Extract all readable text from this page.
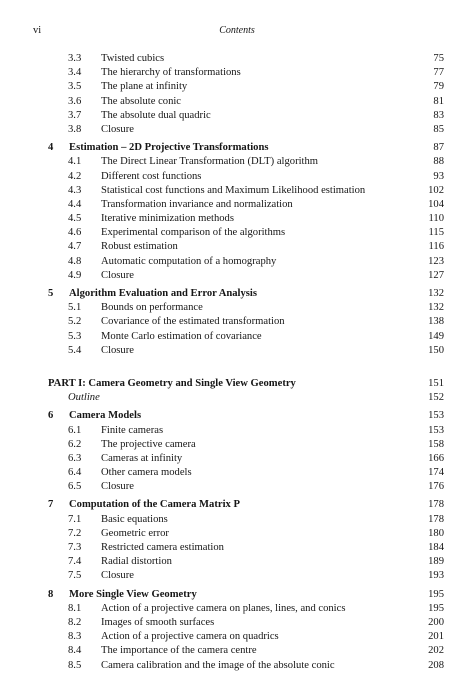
vi	Contents
3.3 Twisted cubics	75
3.4 The hierarchy of transformations	77
3.5 The plane at infinity	79
3.6 The absolute conic	81
3.7 The absolute dual quadric	83
3.8 Closure	85
4 Estimation – 2D Projective Transformations	87
4.1 The Direct Linear Transformation (DLT) algorithm	88
4.2 Different cost functions	93
4.3 Statistical cost functions and Maximum Likelihood estimation	102
4.4 Transformation invariance and normalization	104
4.5 Iterative minimization methods	110
4.6 Experimental comparison of the algorithms	115
4.7 Robust estimation	116
4.8 Automatic computation of a homography	123
4.9 Closure	127
5 Algorithm Evaluation and Error Analysis	132
5.1 Bounds on performance	132
5.2 Covariance of the estimated transformation	138
5.3 Monte Carlo estimation of covariance	149
5.4 Closure	150
PART I: Camera Geometry and Single View Geometry	151
Outline	152
6 Camera Models	153
6.1 Finite cameras	153
6.2 The projective camera	158
6.3 Cameras at infinity	166
6.4 Other camera models	174
6.5 Closure	176
7 Computation of the Camera Matrix P	178
7.1 Basic equations	178
7.2 Geometric error	180
7.3 Restricted camera estimation	184
7.4 Radial distortion	189
7.5 Closure	193
8 More Single View Geometry	195
8.1 Action of a projective camera on planes, lines, and conics	195
8.2 Images of smooth surfaces	200
8.3 Action of a projective camera on quadrics	201
8.4 The importance of the camera centre	202
8.5 Camera calibration and the image of the absolute conic	208
